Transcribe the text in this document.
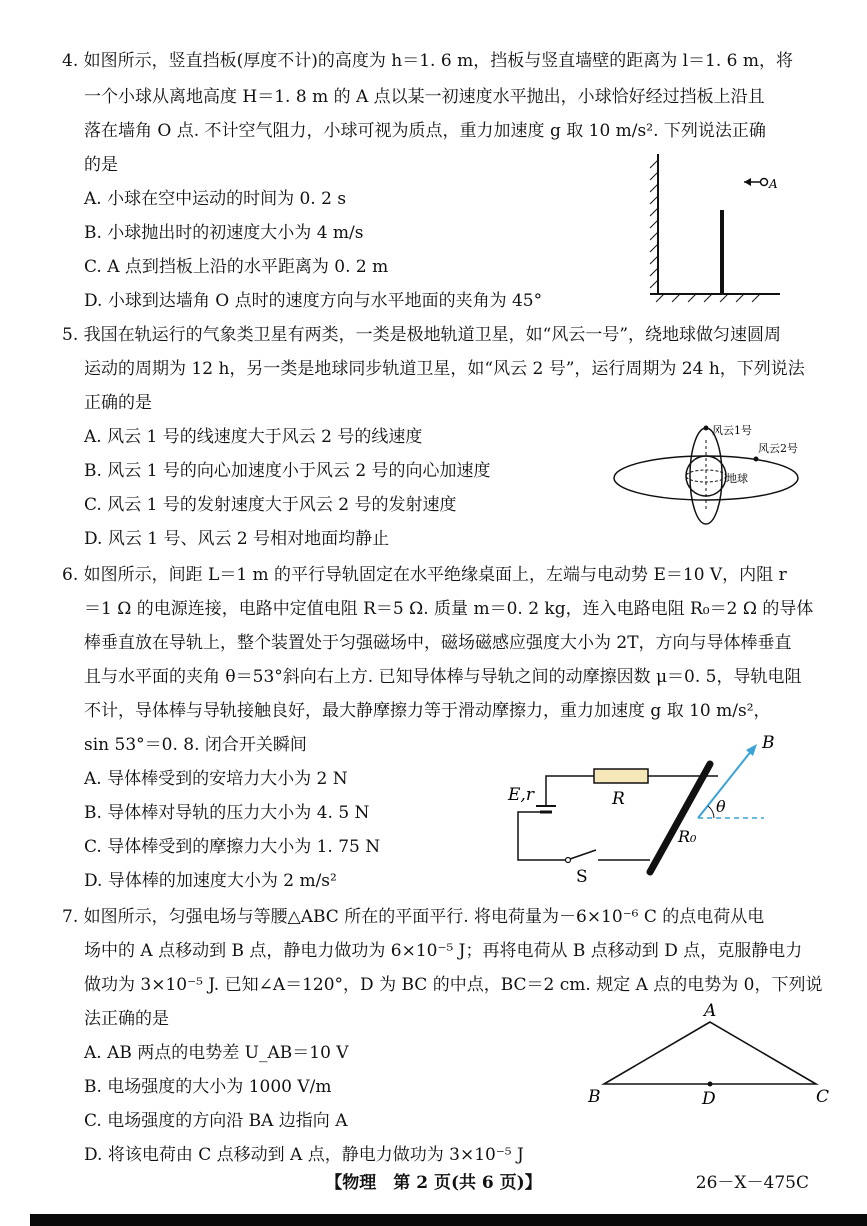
4. 如图所示，竖直挡板(厚度不计)的高度为 h＝1. 6 m，挡板与竖直墙壁的距离为 l＝1. 6 m，将
一个小球从离地高度 H＝1. 8 m 的 A 点以某一初速度水平抛出，小球恰好经过挡板上沿且
落在墙角 O 点. 不计空气阻力，小球可视为质点，重力加速度 g 取 10 m/s². 下列说法正确
的是
A. 小球在空中运动的时间为 0. 2 s
B. 小球抛出时的初速度大小为 4 m/s
C. A 点到挡板上沿的水平距离为 0. 2 m
D. 小球到达墙角 O 点时的速度方向与水平地面的夹角为 45°
A
5. 我国在轨运行的气象类卫星有两类，一类是极地轨道卫星，如“风云一号”，绕地球做匀速圆周
运动的周期为 12 h，另一类是地球同步轨道卫星，如“风云 2 号”，运行周期为 24 h，下列说法
正确的是
A. 风云 1 号的线速度大于风云 2 号的线速度
B. 风云 1 号的向心加速度小于风云 2 号的向心加速度
C. 风云 1 号的发射速度大于风云 2 号的发射速度
D. 风云 1 号、风云 2 号相对地面均静止
风云1号
风云2号
地球
6. 如图所示，间距 L＝1 m 的平行导轨固定在水平绝缘桌面上，左端与电动势 E＝10 V，内阻 r
＝1 Ω 的电源连接，电路中定值电阻 R＝5 Ω. 质量 m＝0. 2 kg，连入电路电阻 R₀＝2 Ω 的导体
棒垂直放在导轨上，整个装置处于匀强磁场中，磁场磁感应强度大小为 2T，方向与导体棒垂直
且与水平面的夹角 θ＝53°斜向右上方. 已知导体棒与导轨之间的动摩擦因数 μ＝0. 5，导轨电阻
不计，导体棒与导轨接触良好，最大静摩擦力等于滑动摩擦力，重力加速度 g 取 10 m/s²，
sin 53°＝0. 8. 闭合开关瞬间
A. 导体棒受到的安培力大小为 2 N
B. 导体棒对导轨的压力大小为 4. 5 N
C. 导体棒受到的摩擦力大小为 1. 75 N
D. 导体棒的加速度大小为 2 m/s²
E,r	R
R₀
S
B
θ
7. 如图所示，匀强电场与等腰△ABC 所在的平面平行. 将电荷量为－6×10⁻⁶ C 的点电荷从电
场中的 A 点移动到 B 点，静电力做功为 6×10⁻⁵ J；再将电荷从 B 点移动到 D 点，克服静电力
做功为 3×10⁻⁵ J. 已知∠A＝120°，D 为 BC 的中点，BC＝2 cm. 规定 A 点的电势为 0，下列说
法正确的是
A. AB 两点的电势差 U_AB＝10 V
B. 电场强度的大小为 1000 V/m
C. 电场强度的方向沿 BA 边指向 A
D. 将该电荷由 C 点移动到 A 点，静电力做功为 3×10⁻⁵ J
A
B	D	C
【物理　第 2 页(共 6 页)】	26－X－475C
